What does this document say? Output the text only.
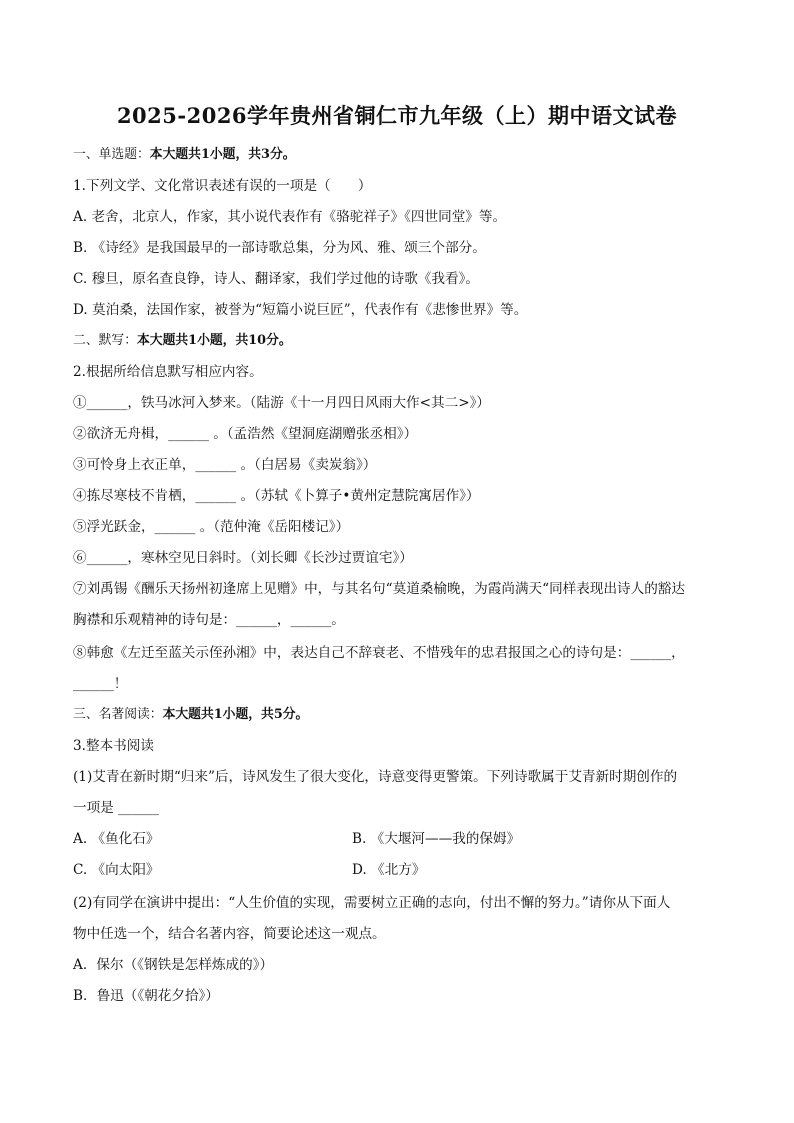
2025-2026学年贵州省铜仁市九年级（上）期中语文试卷
一、单选题：本大题共1小题，共3分。
1.下列文学、文化常识表述有误的一项是（　　）
A. 老舍，北京人，作家，其小说代表作有《骆驼祥子》《四世同堂》等。
B. 《诗经》是我国最早的一部诗歌总集，分为风、雅、颂三个部分。
C. 穆旦，原名查良铮，诗人、翻译家，我们学过他的诗歌《我看》。
D. 莫泊桑，法国作家，被誉为“短篇小说巨匠”，代表作有《悲惨世界》等。
二、默写：本大题共1小题，共10分。
2.根据所给信息默写相应内容。
①______，铁马冰河入梦来。（陆游《十一月四日风雨大作<其二>》）
②欲济无舟楫，______ 。（孟浩然《望洞庭湖赠张丞相》）
③可怜身上衣正单，______ 。（白居易《卖炭翁》）
④拣尽寒枝不肯栖，______ 。（苏轼《卜算子•黄州定慧院寓居作》）
⑤浮光跃金，______ 。（范仲淹《岳阳楼记》）
⑥______，寒林空见日斜时。（刘长卿《长沙过贾谊宅》）
⑦刘禹锡《酬乐天扬州初逢席上见赠》中，与其名句“莫道桑榆晚，为霞尚满天“同样表现出诗人的豁达
胸襟和乐观精神的诗句是：______，______。
⑧韩愈《左迁至蓝关示侄孙湘》中，表达自己不辞衰老、不惜残年的忠君报国之心的诗句是：______，
______！
三、名著阅读：本大题共1小题，共5分。
3.整本书阅读
(1)艾青在新时期“归来”后，诗风发生了很大变化，诗意变得更警策。下列诗歌属于艾青新时期创作的
一项是 ______
A. 《鱼化石》	B. 《大堰河——我的保姆》
C. 《向太阳》	D. 《北方》
(2)有同学在演讲中提出：“人生价值的实现，需要树立正确的志向，付出不懈的努力。”请你从下面人
物中任选一个，结合名著内容，简要论述这一观点。
A．保尔（《钢铁是怎样炼成的》）
B．鲁迅（《朝花夕拾》）
